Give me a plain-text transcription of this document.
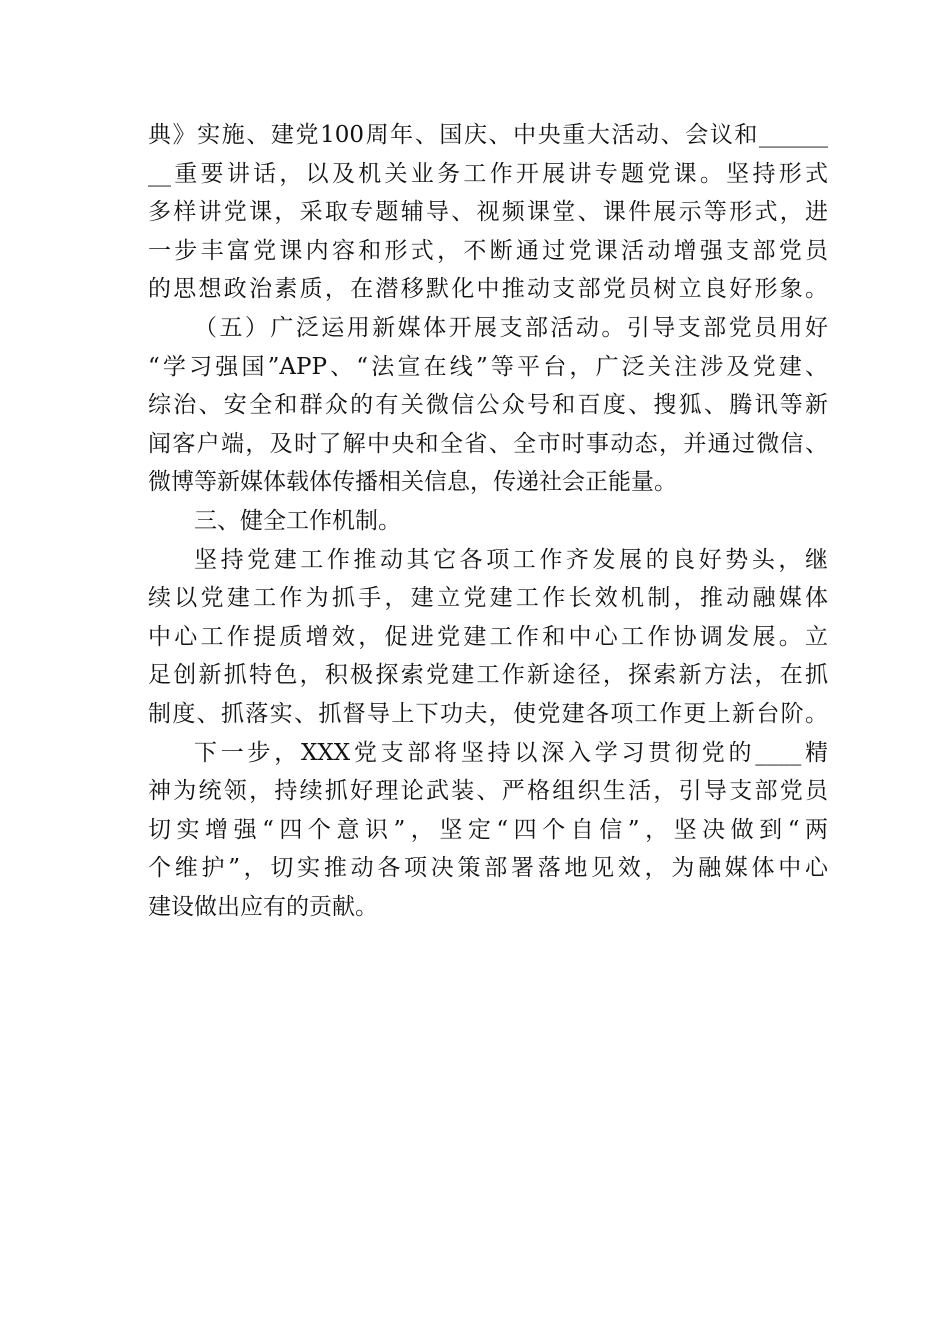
典》实施、建党100周年、国庆、中央重大活动、会议和______
__重要讲话，以及机关业务工作开展讲专题党课。坚持形式
多样讲党课，采取专题辅导、视频课堂、课件展示等形式，进
一步丰富党课内容和形式，不断通过党课活动增强支部党员
的思想政治素质，在潜移默化中推动支部党员树立良好形象。
（五）广泛运用新媒体开展支部活动。引导支部党员用好
“学习强国”APP、“法宣在线”等平台，广泛关注涉及党建、
综治、安全和群众的有关微信公众号和百度、搜狐、腾讯等新
闻客户端，及时了解中央和全省、全市时事动态，并通过微信、
微博等新媒体载体传播相关信息，传递社会正能量。
三、健全工作机制。
坚持党建工作推动其它各项工作齐发展的良好势头，继
续以党建工作为抓手，建立党建工作长效机制，推动融媒体
中心工作提质增效，促进党建工作和中心工作协调发展。立
足创新抓特色，积极探索党建工作新途径，探索新方法，在抓
制度、抓落实、抓督导上下功夫，使党建各项工作更上新台阶。
下一步，XXX党支部将坚持以深入学习贯彻党的____精
神为统领，持续抓好理论武装、严格组织生活，引导支部党员
切实增强“四个意识”，坚定“四个自信”，坚决做到“两
个维护”，切实推动各项决策部署落地见效，为融媒体中心
建设做出应有的贡献。
